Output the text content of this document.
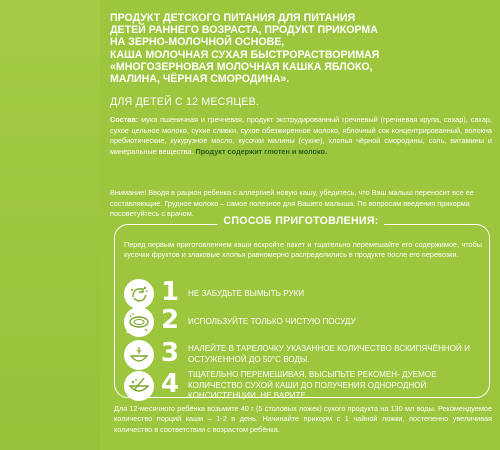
ПРОДУКТ ДЕТСКОГО ПИТАНИЯ ДЛЯ ПИТАНИЯ
ДЕТЕЙ РАННЕГО ВОЗРАСТА, ПРОДУКТ ПРИКОРМА
НА ЗЕРНО-МОЛОЧНОЙ ОСНОВЕ,
КАША МОЛОЧНАЯ СУХАЯ БЫСТРОРАСТВОРИМАЯ
«МНОГОЗЕРНОВАЯ МОЛОЧНАЯ КАШКА ЯБЛОКО,
МАЛИНА, ЧЁРНАЯ СМОРОДИНА».
ДЛЯ ДЕТЕЙ С 12 МЕСЯЦЕВ.

Состав: мука пшеничная и гречневая, продукт экструдированный гречневый (гречневая крупа, сахар), сахар, сухое цельное молоко, сухие сливки, сухое обезжиренное молоко, яблочный сок концентрированный, волокна пребиотические, кукурузное масло, кусочки малины (сухие), хлопья чёрной смородины, соль, витамины и минеральные вещества. Продукт содержит глютен и молоко.

Внимание! Вводя в рацион ребенка с аллергией новую кашу, убедитесь, что Ваш малыш переносит все ее составляющие. Грудное молоко – самое полезное для Вашего малыша. По вопросам введения прикорма посоветуйтесь с врачом.

СПОСОБ ПРИГОТОВЛЕНИЯ:

Перед первым приготовлением каши вскройте пакет и тщательно перемешайте его содержимое, чтобы кусочки фруктов и злаковые хлопья равномерно распределились в продукте после его перевозки.

1 НЕ ЗАБУДЬТЕ ВЫМЫТЬ РУКИ
2 ИСПОЛЬЗУЙТЕ ТОЛЬКО ЧИСТУЮ ПОСУДУ
50°C
3 НАЛЕЙТЕ В ТАРЕЛОЧКУ УКАЗАННОЕ КОЛИЧЕСТВО ВСКИПЯЧЁННОЙ И ОСТУЖЕННОЙ ДО 50°C ВОДЫ.
4 ТЩАТЕЛЬНО ПЕРЕМЕШИВАЯ, ВЫСЫПЬТЕ РЕКОМЕН- ДУЕМОЕ КОЛИЧЕСТВО СУХОЙ КАШИ ДО ПОЛУЧЕНИЯ ОДНОРОДНОЙ КОНСИСТЕНЦИИ. НЕ ВАРИТЕ.

Для 12-месячного ребёнка возьмите 40 г (5 столовых ложек) сухого продукта на 130 мл воды. Рекомендуемое количество порций каши – 1-2 в день. Начинайте прикорм с 1 чайной ложки, постепенно увеличивая количество в соответствии с возрастом ребёнка.
